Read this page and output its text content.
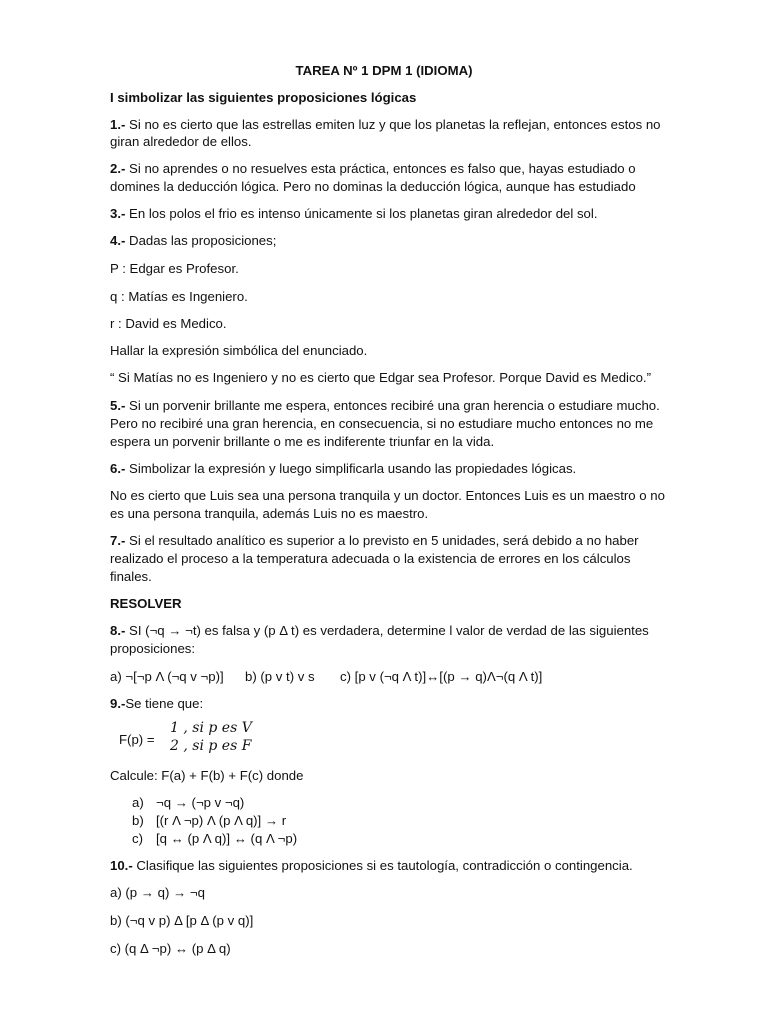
TAREA Nº 1 DPM 1 (IDIOMA)
I simbolizar las siguientes proposiciones lógicas
1.- Si no es cierto que las estrellas emiten luz y que los planetas la reflejan, entonces estos no
giran alrededor de ellos.
2.- Si no aprendes o no resuelves esta práctica, entonces es falso que, hayas estudiado o
domines la deducción lógica. Pero no dominas la deducción lógica, aunque has estudiado
3.- En los polos el frio es intenso únicamente si los planetas giran alrededor del sol.
4.- Dadas las proposiciones;
P : Edgar es Profesor.
q : Matías es Ingeniero.
r : David es Medico.
Hallar la expresión simbólica del enunciado.
“ Si Matías no es Ingeniero y no es cierto que Edgar sea Profesor. Porque David es Medico.”
5.- Si un porvenir brillante me espera, entonces recibiré una gran herencia o estudiare mucho.
Pero no recibiré una gran herencia, en consecuencia, si no estudiare mucho entonces no me
espera un porvenir brillante o me es indiferente triunfar en la vida.
6.- Simbolizar la expresión y luego simplificarla usando las propiedades lógicas.
No es cierto que Luis sea una persona tranquila y un doctor. Entonces Luis es un maestro o no
es una persona tranquila, además Luis no es maestro.
7.- Si el resultado analítico es superior a lo previsto en 5 unidades, será debido a no haber
realizado el proceso a la temperatura adecuada o la existencia de errores en los cálculos
finales.
RESOLVER
8.- SI (¬q → ¬t) es falsa y (p Δ t) es verdadera, determine l valor de verdad de las siguientes
proposiciones:
a) ¬[¬p Λ (¬q v ¬p)] b) (p v t) v s c) [p v (¬q Λ t)]↔[(p → q)Λ¬(q Λ t)]
9.-Se tiene que:
F(p) =
1 , si p es V
2 , si p es F
Calcule: F(a) + F(b) + F(c) donde
a) ¬q → (¬p v ¬q)
b) [(r Λ ¬p) Λ (p Λ q)] → r
c) [q ↔ (p Λ q)] ↔ (q Λ ¬p)
10.- Clasifique las siguientes proposiciones si es tautología, contradicción o contingencia.
a) (p → q) → ¬q
b) (¬q v p) Δ [p Δ (p v q)]
c) (q Δ ¬p) ↔ (p Δ q)
